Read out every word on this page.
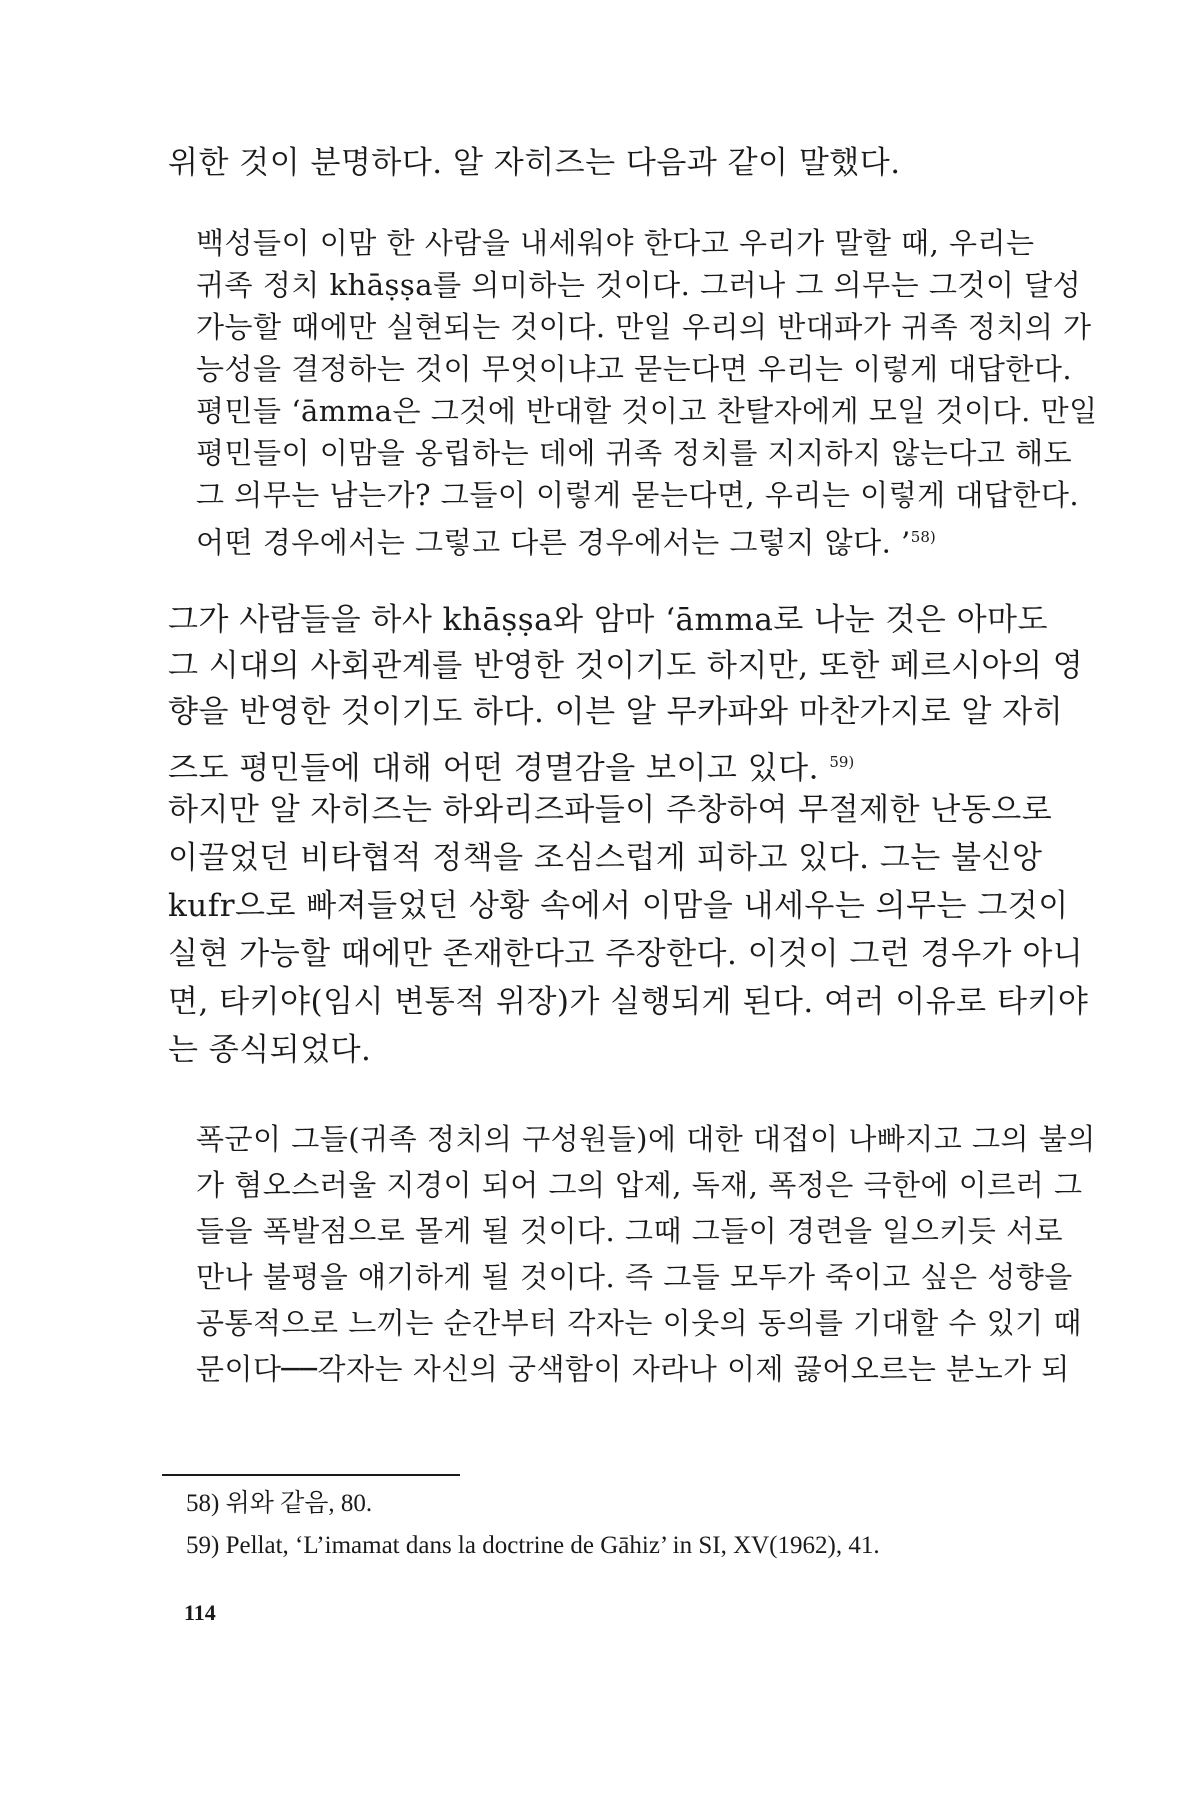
위한 것이 분명하다. 알 자히즈는 다음과 같이 말했다.
백성들이 이맘 한 사람을 내세워야 한다고 우리가 말할 때, 우리는
귀족 정치 khāṣṣa를 의미하는 것이다. 그러나 그 의무는 그것이 달성
가능할 때에만 실현되는 것이다. 만일 우리의 반대파가 귀족 정치의 가
능성을 결정하는 것이 무엇이냐고 묻는다면 우리는 이렇게 대답한다.
평민들 ‘āmma은 그것에 반대할 것이고 찬탈자에게 모일 것이다. 만일
평민들이 이맘을 옹립하는 데에 귀족 정치를 지지하지 않는다고 해도
그 의무는 남는가? 그들이 이렇게 묻는다면, 우리는 이렇게 대답한다.
어떤 경우에서는 그렇고 다른 경우에서는 그렇지 않다. ’$^{58)}$
그가 사람들을 하사 khāṣṣa와 암마 ‘āmma로 나눈 것은 아마도
그 시대의 사회관계를 반영한 것이기도 하지만, 또한 페르시아의 영
향을 반영한 것이기도 하다. 이븐 알 무카파와 마찬가지로 알 자히
즈도 평민들에 대해 어떤 경멸감을 보이고 있다. $^{59)}$
하지만 알 자히즈는 하와리즈파들이 주창하여 무절제한 난동으로
이끌었던 비타협적 정책을 조심스럽게 피하고 있다. 그는 불신앙
kufr으로 빠져들었던 상황 속에서 이맘을 내세우는 의무는 그것이
실현 가능할 때에만 존재한다고 주장한다. 이것이 그런 경우가 아니
면, 타키야(임시 변통적 위장)가 실행되게 된다. 여러 이유로 타키야
는 종식되었다.
폭군이 그들(귀족 정치의 구성원들)에 대한 대접이 나빠지고 그의 불의
가 혐오스러울 지경이 되어 그의 압제, 독재, 폭정은 극한에 이르러 그
들을 폭발점으로 몰게 될 것이다. 그때 그들이 경련을 일으키듯 서로
만나 불평을 얘기하게 될 것이다. 즉 그들 모두가 죽이고 싶은 성향을
공통적으로 느끼는 순간부터 각자는 이웃의 동의를 기대할 수 있기 때
문이다──각자는 자신의 궁색함이 자라나 이제 끓어오르는 분노가 되
58) 위와 같음, 80.
59) Pellat, ‘L’imamat dans la doctrine de Gāhiz’ in SI, XV(1962), 41.
114
